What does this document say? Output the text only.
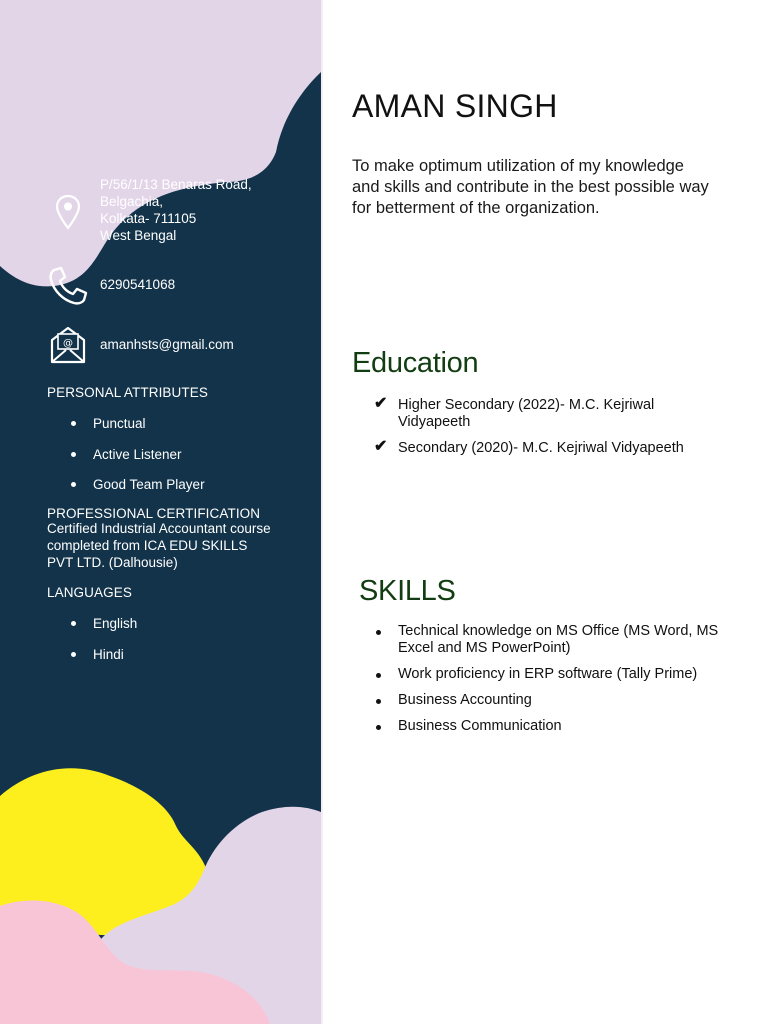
P/56/1/13 Benaras Road,
Belgachia,
Kolkata- 711105
West Bengal
6290541068
@ amanhsts@gmail.com
PERSONAL ATTRIBUTES
Punctual
Active Listener
Good Team Player
PROFESSIONAL CERTIFICATION
Certified Industrial Accountant course completed from ICA EDU SKILLS PVT LTD. (Dalhousie)
LANGUAGES
English
Hindi
AMAN SINGH
To make optimum utilization of my knowledge and skills and contribute in the best possible way for betterment of the organization.
Education
✔ Higher Secondary (2022)- M.C. Kejriwal Vidyapeeth
✔ Secondary (2020)- M.C. Kejriwal Vidyapeeth
SKILLS
Technical knowledge on MS Office (MS Word, MS Excel and MS PowerPoint)
Work proficiency in ERP software (Tally Prime)
Business Accounting
Business Communication
